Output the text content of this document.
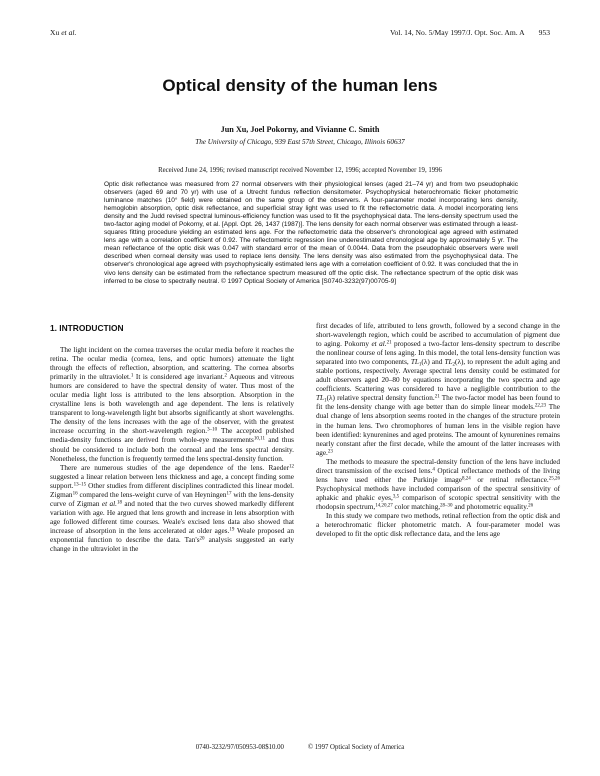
Xu et al.	Vol. 14, No. 5/May 1997/J. Opt. Soc. Am. A 953
Optical density of the human lens
Jun Xu, Joel Pokorny, and Vivianne C. Smith
The University of Chicago, 939 East 57th Street, Chicago, Illinois 60637
Received June 24, 1996; revised manuscript received November 12, 1996; accepted November 19, 1996

Optic disk reflectance was measured from 27 normal observers with their physiological lenses (aged 21–74 yr) and from two pseudophakic observers (aged 69 and 70 yr) with use of a Utrecht fundus reflection densitometer. Psychophysical heterochromatic flicker photometric luminance matches (10° field) were obtained on the same group of the observers. A four-parameter model incorporating lens density, hemoglobin absorption, optic disk reflectance, and superficial stray light was used to fit the reflectometric data. A model incorporating lens density and the Judd revised spectral luminous-efficiency function was used to fit the psychophysical data. The lens-density spectrum used the two-factor aging model of Pokorny, et al. [Appl. Opt. 26, 1437 (1987)]. The lens density for each normal observer was estimated through a least-squares fitting procedure yielding an estimated lens age. For the reflectometric data the observer's chronological age agreed with estimated lens age with a correlation coefficient of 0.92. The reflectometric regression line underestimated chronological age by approximately 5 yr. The mean reflectance of the optic disk was 0.047 with standard error of the mean of 0.0044. Data from the pseudophakic observers were well described when corneal density was used to replace lens density. The lens density was also estimated from the psychophysical data. The observer's chronological age agreed with psychophysically estimated lens age with a correlation coefficient of 0.92. It was concluded that the in vivo lens density can be estimated from the reflectance spectrum measured off the optic disk. The reflectance spectrum of the optic disk was inferred to be close to spectrally neutral. © 1997 Optical Society of America [S0740-3232(97)00705-9]

1. INTRODUCTION

The light incident on the cornea traverses the ocular media before it reaches the retina. The ocular media (cornea, lens, and optic humors) attenuate the light through the effects of reflection, absorption, and scattering. The cornea absorbs primarily in the ultraviolet.$^1$ It is considered age invariant.$^2$ Aqueous and vitreous humors are considered to have the spectral density of water. Thus most of the ocular media light loss is attributed to the lens absorption. Absorption in the crystalline lens is both wavelength and age dependent. The lens is relatively transparent to long-wavelength light but absorbs significantly at short wavelengths. The density of the lens increases with the age of the observer, with the greatest increase occurring in the short-wavelength region.$^{3-10}$ The accepted published media-density functions are derived from whole-eye measurements$^{10,11}$ and thus should be considered to include both the corneal and the lens spectral density. Nonetheless, the function is frequently termed the lens spectral-density function.

There are numerous studies of the age dependence of the lens. Raeder$^{12}$ suggested a linear relation between lens thickness and age, a concept finding some support.$^{13-15}$ Other studies from different disciplines contradicted this linear model. Zigman$^{16}$ compared the lens-weight curve of van Heyningen$^{17}$ with the lens-density curve of Zigman et al.$^{18}$ and noted that the two curves showed markedly different variation with age. He argued that lens growth and increase in lens absorption with age followed different time courses. Weale's excised lens data also showed that increase of absorption in the lens accelerated at older ages.$^{19}$ Weale proposed an exponential function to describe the data. $Tan's^{20}$ analysis suggested an early change in the ultraviolet in the

first decades of life, attributed to lens growth, followed by a second change in the short-wavelength region, which could be ascribed to accumulation of pigment due to aging. Pokorny et al.$^{21}$ proposed a two-factor lens-density spectrum to describe the nonlinear course of lens aging. In this model, the total lens-density function was separated into two components, $TL_1(\lambda)$ and $TL_2(\lambda)$, to represent the adult aging and stable portions, respectively. Average spectral lens density could be estimated for adult observers aged 20–80 by equations incorporating the two spectra and age coefficients. Scattering was considered to have a negligible contribution to the $TL_1(\lambda)$ relative spectral density function.$^{21}$ The two-factor model has been found to fit the lens-density change with age better than do simple linear models.$^{22,23}$ The dual change of lens absorption seems rooted in the changes of the structure protein in the human lens. Two chromophores of human lens in the visible region have been identified: kynurenines and aged proteins. The amount of kynurenines remains nearly constant after the first decade, while the amount of the latter increases with age.$^{23}$

The methods to measure the spectral-density function of the lens have included direct transmission of the excised lens.$^4$ Optical reflectance methods of the living lens have used either the Purkinje image$^{8,24}$ or retinal reflectance.$^{25,26}$ Psychophysical methods have included comparison of the spectral sensitivity of aphakic and phakic eyes,$^{3,5}$ comparison of scotopic spectral sensitivity with the rhodopsin spectrum,$^{14,20,27}$ color matching,$^{28-30}$ and photometric equality.$^{26}$

In this study we compare two methods, retinal reflection from the optic disk and a heterochromatic flicker photometric match. A four-parameter model was developed to fit the optic disk reflectance data, and the lens age

0740-3232/97/050953-08$10.00	© 1997 Optical Society of America
